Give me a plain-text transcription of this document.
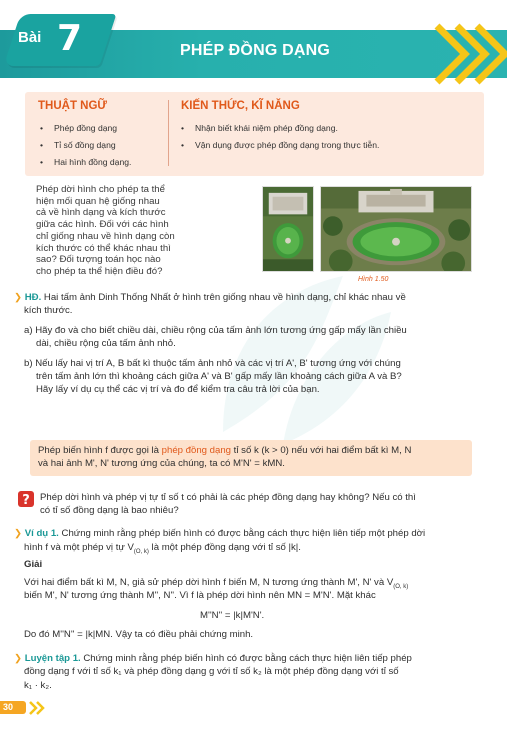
Bài 7	PHÉP ĐỒNG DẠNG
THUẬT NGỮ
• Phép đồng dạng
• Tỉ số đồng dạng
• Hai hình đồng dạng.
KIẾN THỨC, KĨ NĂNG
• Nhận biết khái niệm phép đồng dạng.
• Vận dụng được phép đồng dạng trong thực tiễn.
Phép dời hình cho phép ta thể
hiện mối quan hệ giống nhau
cả về hình dạng và kích thước
giữa các hình. Đối với các hình
chỉ giống nhau về hình dạng còn
kích thước có thể khác nhau thì
sao? Đối tượng toán học nào
cho phép ta thể hiện điều đó?
Hình 1.50
❯ HĐ. Hai tấm ảnh Dinh Thống Nhất ở hình trên giống nhau về hình dạng, chỉ khác nhau về
kích thước.
a) Hãy đo và cho biết chiều dài, chiều rộng của tấm ảnh lớn tương ứng gấp mấy lần chiều
dài, chiều rộng của tấm ảnh nhỏ.
b) Nếu lấy hai vị trí A, B bất kì thuộc tấm ảnh nhỏ và các vị trí A', B' tương ứng với chúng
trên tấm ảnh lớn thì khoảng cách giữa A' và B' gấp mấy lần khoảng cách giữa A và B?
Hãy lấy ví dụ cụ thể các vị trí và đo để kiểm tra câu trả lời của bạn.
Phép biến hình f được gọi là phép đồng dạng tỉ số k (k > 0) nếu với hai điểm bất kì M, N
và hai ảnh M', N' tương ứng của chúng, ta có M'N' = kMN.
? Phép dời hình và phép vị tự tỉ số t có phải là các phép đồng dạng hay không? Nếu có thì
có tỉ số đồng dạng là bao nhiêu?
❯ Ví dụ 1. Chứng minh rằng phép biến hình có được bằng cách thực hiện liên tiếp một phép dời
hình f và một phép vị tự $V_{(O, k)}$ là một phép đồng dạng với tỉ số |k|.
Giải
Với hai điểm bất kì M, N, giả sử phép dời hình f biến M, N tương ứng thành M', N' và $V_{(O, k)}$
biến M', N' tương ứng thành M'', N''. Vì f là phép dời hình nên MN = M'N'. Mặt khác
M''N'' = |k|M'N'.
Do đó M''N'' = |k|MN. Vậy ta có điều phải chứng minh.
❯ Luyện tập 1. Chứng minh rằng phép biến hình có được bằng cách thực hiện liên tiếp phép
đồng dạng f với tỉ số k₁ và phép đồng dạng g với tỉ số k₂ là một phép đồng dạng với tỉ số
k₁ · k₂.
30
